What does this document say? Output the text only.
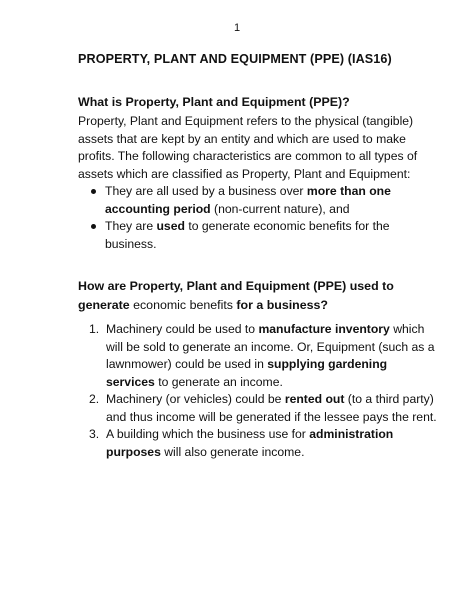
1
PROPERTY, PLANT AND EQUIPMENT (PPE) (IAS16)
What is Property, Plant and Equipment (PPE)?
Property, Plant and Equipment refers to the physical (tangible)
assets that are kept by an entity and which are used to make
profits. The following characteristics are common to all types of
assets which are classified as Property, Plant and Equipment:
They are all used by a business over more than one accounting period (non-current nature), and
They are used to generate economic benefits for the business.
How are Property, Plant and Equipment (PPE) used to generate economic benefits for a business?
1. Machinery could be used to manufacture inventory which will be sold to generate an income. Or, Equipment (such as a lawnmower) could be used in supplying gardening services to generate an income.
2. Machinery (or vehicles) could be rented out (to a third party) and thus income will be generated if the lessee pays the rent.
3. A building which the business use for administration purposes will also generate income.
